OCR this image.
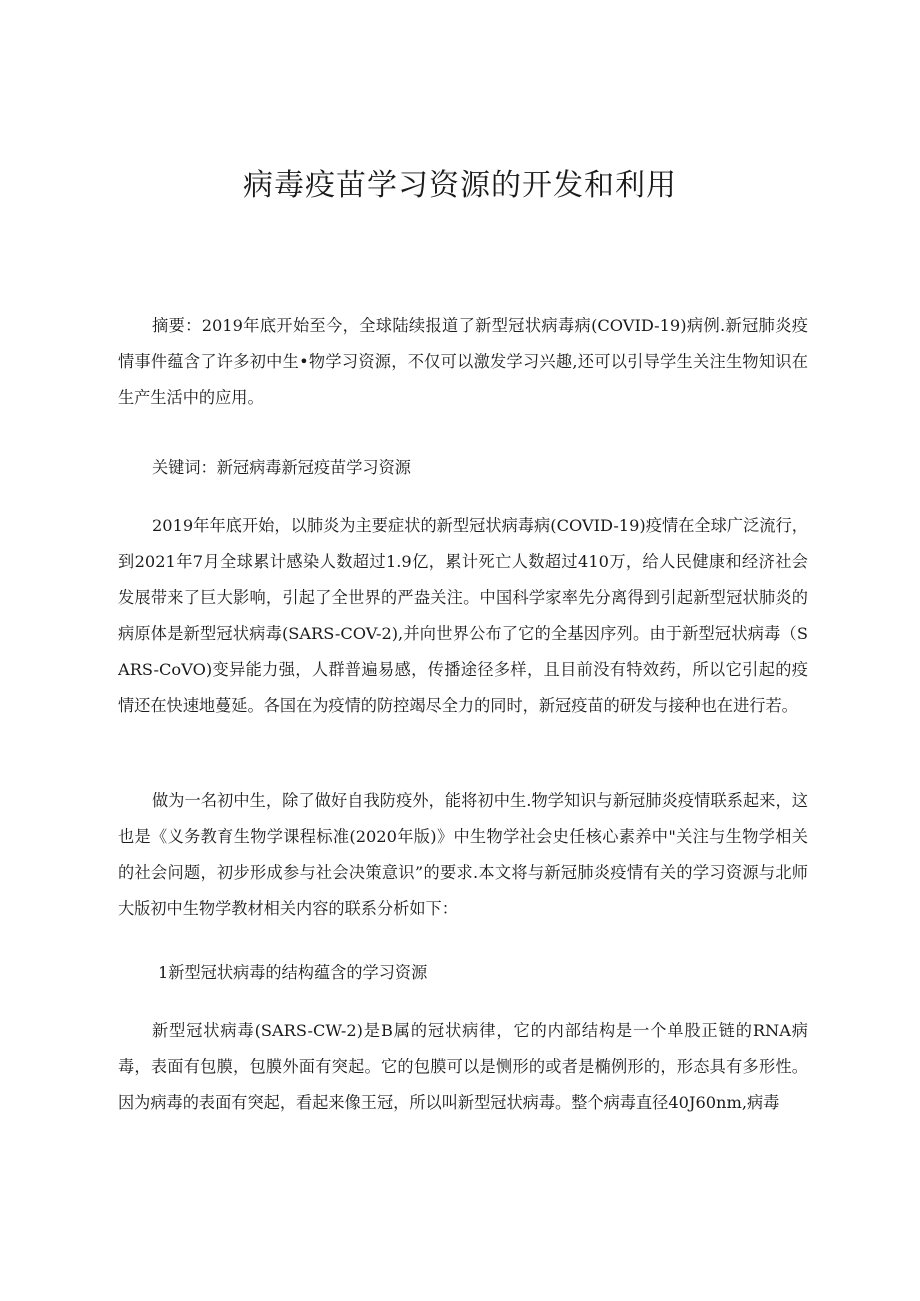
病毒疫苗学习资源的开发和利用

摘要：2019年底开始至今，全球陆续报道了新型冠状病毒病(COVID-19)病例.新冠肺炎疫情事件蕴含了许多初中生•物学习资源，不仅可以激发学习兴趣,还可以引导学生关注生物知识在生产生活中的应用。

关键词：新冠病毒新冠疫苗学习资源

2019年年底开始，以肺炎为主要症状的新型冠状病毒病(COVID-19)疫情在全球广泛流行，到2021年7月全球累计感染人数超过1.9亿，累计死亡人数超过410万，给人民健康和经济社会发展带来了巨大影响，引起了全世界的严盎关注。中国科学家率先分离得到引起新型冠状肺炎的病原体是新型冠状病毒(SARS-COV-2),并向世界公布了它的全基因序列。由于新型冠状病毒（SARS-CoVO)变异能力强，人群普遍易感，传播途径多样，且目前没有特效药，所以它引起的疫情还在快速地蔓延。各国在为疫情的防控竭尽全力的同时，新冠疫苗的研发与接种也在进行若。

做为一名初中生，除了做好自我防疫外，能将初中生.物学知识与新冠肺炎疫情联系起来，这也是《义务教育生物学课程标准(2020年版)》中生物学社会史任核心素养中"关注与生物学相关的社会问题，初步形成参与社会决策意识”的要求.本文将与新冠肺炎疫情有关的学习资源与北师大版初中生物学教材相关内容的联系分析如下：

1新型冠状病毒的结构蕴含的学习资源

新型冠状病毒(SARS-CW-2)是B属的冠状病律，它的内部结构是一个单股正链的RNA病毒，表面有包膜，包膜外面有突起。它的包膜可以是恻形的或者是椭例形的，形态具有多形性。因为病毒的表面有突起，看起来像王冠，所以叫新型冠状病毒。整个病毒直径40J60nm,病毒
